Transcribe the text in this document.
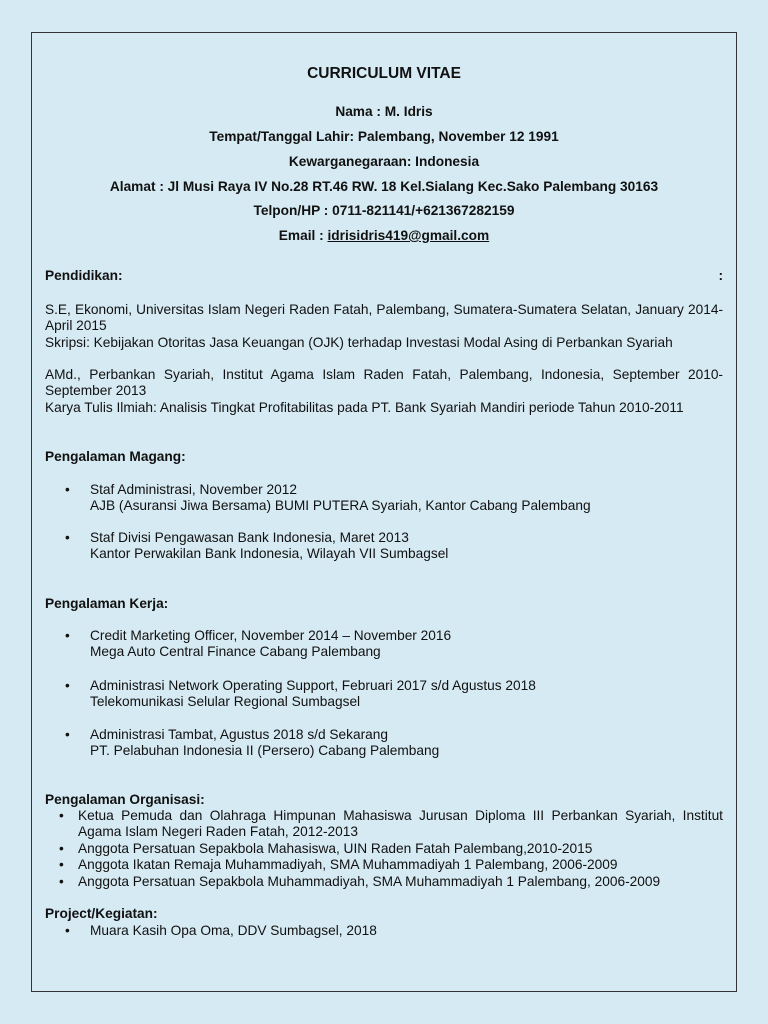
CURRICULUM VITAE
Nama : M. Idris
Tempat/Tanggal Lahir: Palembang, November 12 1991
Kewarganegaraan: Indonesia
Alamat : Jl Musi Raya IV No.28 RT.46 RW. 18 Kel.Sialang Kec.Sako Palembang 30163
Telpon/HP : 0711-821141/+621367282159
Email : idrisidris419@gmail.com
Pendidikan:	:
S.E, Ekonomi, Universitas Islam Negeri Raden Fatah, Palembang, Sumatera-Sumatera Selatan, January 2014-April 2015
Skripsi: Kebijakan Otoritas Jasa Keuangan (OJK) terhadap Investasi Modal Asing di Perbankan Syariah
AMd., Perbankan Syariah, Institut Agama Islam Raden Fatah, Palembang, Indonesia, September 2010-September 2013
Karya Tulis Ilmiah: Analisis Tingkat Profitabilitas pada PT. Bank Syariah Mandiri periode Tahun 2010-2011
Pengalaman Magang:
• Staf Administrasi, November 2012
AJB (Asuransi Jiwa Bersama) BUMI PUTERA Syariah, Kantor Cabang Palembang
• Staf Divisi Pengawasan Bank Indonesia, Maret 2013
Kantor Perwakilan Bank Indonesia, Wilayah VII Sumbagsel
Pengalaman Kerja:
• Credit Marketing Officer, November 2014 – November 2016
Mega Auto Central Finance Cabang Palembang
• Administrasi Network Operating Support, Februari 2017 s/d Agustus 2018
Telekomunikasi Selular Regional Sumbagsel
• Administrasi Tambat, Agustus 2018 s/d Sekarang
PT. Pelabuhan Indonesia II (Persero) Cabang Palembang
Pengalaman Organisasi:
• Ketua Pemuda dan Olahraga Himpunan Mahasiswa Jurusan Diploma III Perbankan Syariah, Institut Agama Islam Negeri Raden Fatah, 2012-2013
• Anggota Persatuan Sepakbola Mahasiswa, UIN Raden Fatah Palembang,2010-2015
• Anggota Ikatan Remaja Muhammadiyah, SMA Muhammadiyah 1 Palembang, 2006-2009
• Anggota Persatuan Sepakbola Muhammadiyah, SMA Muhammadiyah 1 Palembang, 2006-2009
Project/Kegiatan:
• Muara Kasih Opa Oma, DDV Sumbagsel, 2018
